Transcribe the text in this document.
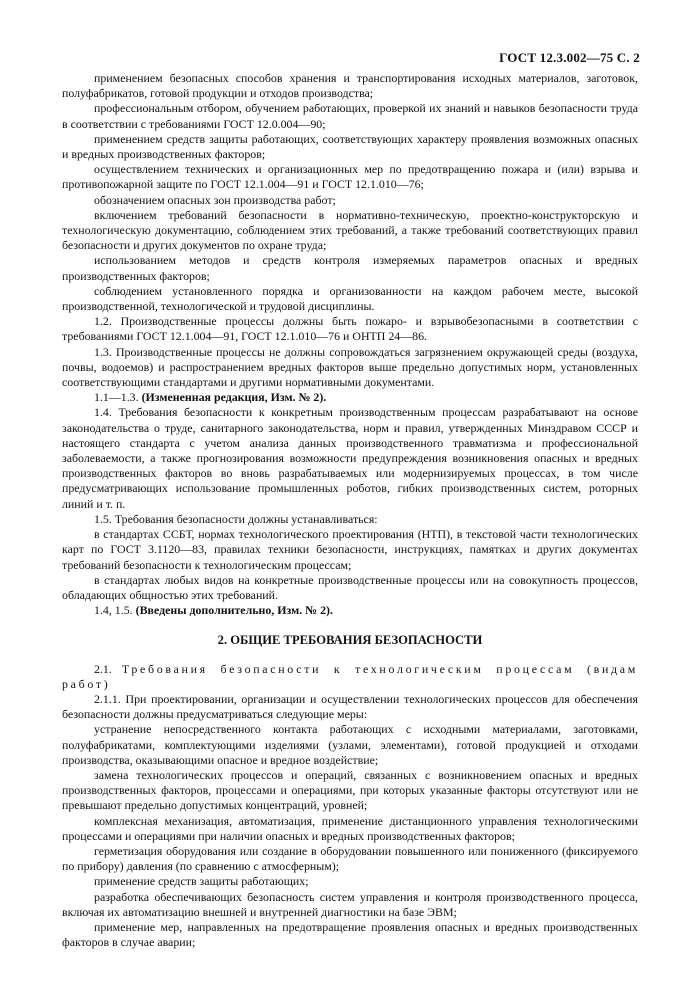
ГОСТ 12.3.002—75 С. 2

применением безопасных способов хранения и транспортирования исходных материалов, заготовок, полуфабрикатов, готовой продукции и отходов производства;

профессиональным отбором, обучением работающих, проверкой их знаний и навыков безопасности труда в соответствии с требованиями ГОСТ 12.0.004—90;

применением средств защиты работающих, соответствующих характеру проявления возможных опасных и вредных производственных факторов;

осуществлением технических и организационных мер по предотвращению пожара и (или) взрыва и противопожарной защите по ГОСТ 12.1.004—91 и ГОСТ 12.1.010—76;

обозначением опасных зон производства работ;

включением требований безопасности в нормативно-техническую, проектно-конструкторскую и технологическую документацию, соблюдением этих требований, а также требований соответствующих правил безопасности и других документов по охране труда;

использованием методов и средств контроля измеряемых параметров опасных и вредных производственных факторов;

соблюдением установленного порядка и организованности на каждом рабочем месте, высокой производственной, технологической и трудовой дисциплины.

1.2. Производственные процессы должны быть пожаро- и взрывобезопасными в соответствии с требованиями ГОСТ 12.1.004—91, ГОСТ 12.1.010—76 и ОНТП 24—86.

1.3. Производственные процессы не должны сопровождаться загрязнением окружающей среды (воздуха, почвы, водоемов) и распространением вредных факторов выше предельно допустимых норм, установленных соответствующими стандартами и другими нормативными документами.

1.1—1.3. (Измененная редакция, Изм. № 2).

1.4. Требования безопасности к конкретным производственным процессам разрабатывают на основе законодательства о труде, санитарного законодательства, норм и правил, утвержденных Минздравом СССР и настоящего стандарта с учетом анализа данных производственного травматизма и профессиональной заболеваемости, а также прогнозирования возможности предупреждения возникновения опасных и вредных производственных факторов во вновь разрабатываемых или модернизируемых процессах, в том числе предусматривающих использование промышленных роботов, гибких производственных систем, роторных линий и т. п.

1.5. Требования безопасности должны устанавливаться:

в стандартах ССБТ, нормах технологического проектирования (НТП), в текстовой части технологических карт по ГОСТ 3.1120—83, правилах техники безопасности, инструкциях, памятках и других документах требований безопасности к технологическим процессам;

в стандартах любых видов на конкретные производственные процессы или на совокупность процессов, обладающих общностью этих требований.

1.4, 1.5. (Введены дополнительно, Изм. № 2).

2. ОБЩИЕ ТРЕБОВАНИЯ БЕЗОПАСНОСТИ

2.1. Требования безопасности к технологическим процессам (видам работ)

2.1.1. При проектировании, организации и осуществлении технологических процессов для обеспечения безопасности должны предусматриваться следующие меры:

устранение непосредственного контакта работающих с исходными материалами, заготовками, полуфабрикатами, комплектующими изделиями (узлами, элементами), готовой продукцией и отходами производства, оказывающими опасное и вредное воздействие;

замена технологических процессов и операций, связанных с возникновением опасных и вредных производственных факторов, процессами и операциями, при которых указанные факторы отсутствуют или не превышают предельно допустимых концентраций, уровней;

комплексная механизация, автоматизация, применение дистанционного управления технологическими процессами и операциями при наличии опасных и вредных производственных факторов;

герметизация оборудования или создание в оборудовании повышенного или пониженного (фиксируемого по прибору) давления (по сравнению с атмосферным);

применение средств защиты работающих;

разработка обеспечивающих безопасность систем управления и контроля производственного процесса, включая их автоматизацию внешней и внутренней диагностики на базе ЭВМ;

применение мер, направленных на предотвращение проявления опасных и вредных производственных факторов в случае аварии;
